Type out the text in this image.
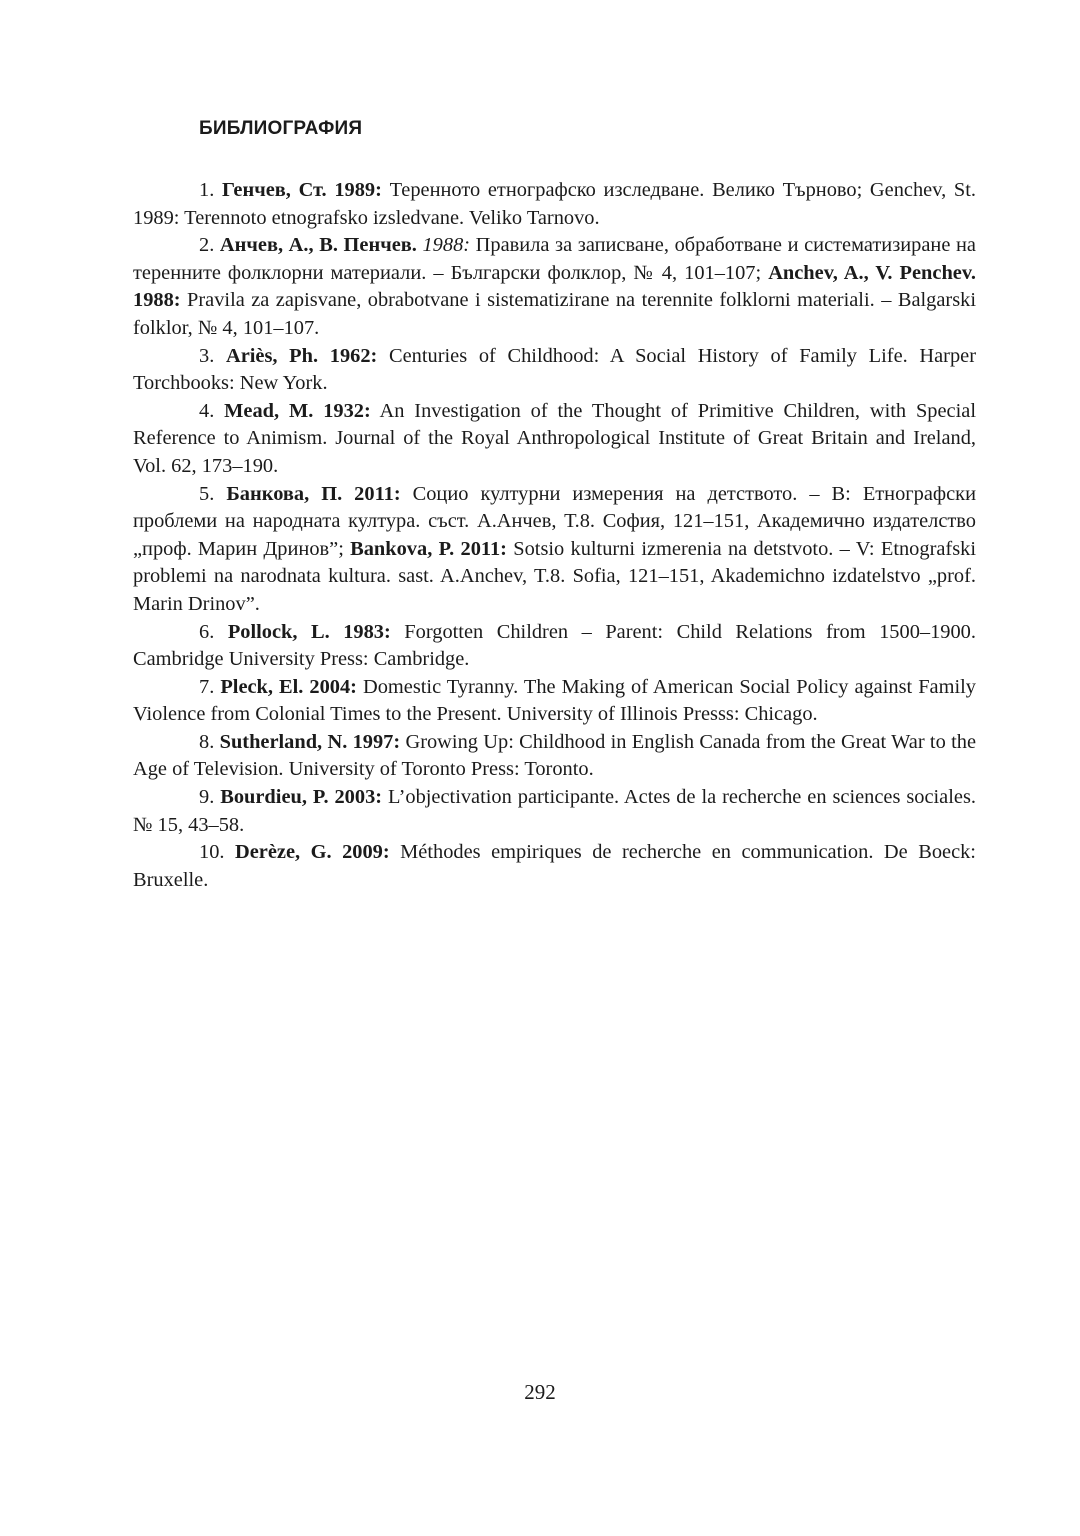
БИБЛИОГРАФИЯ
1. Генчев, Ст. 1989: Теренното етнографско изследване. Велико Търново; Genchev, St. 1989: Terennoto etnografsko izsledvane. Veliko Tarnovo.
2. Анчев, А., В. Пенчев. 1988: Правила за записване, обработване и систематизиране на теренните фолклорни материали. – Български фолклор, № 4, 101–107; Anchev, A., V. Penchev. 1988: Pravila za zapisvane, obrabotvane i sistematizirane na terennite folklorni materiali. – Balgarski folklor, № 4, 101–107.
3. Ariès, Ph. 1962: Centuries of Childhood: A Social History of Family Life. Harper Torchbooks: New York.
4. Mead, M. 1932: An Investigation of the Thought of Primitive Children, with Special Reference to Animism. Journal of the Royal Anthropological Institute of Great Britain and Ireland, Vol. 62, 173–190.
5. Банкова, П. 2011: Социо културни измерения на детството. – В: Етнографски проблеми на народната култура. съст. А.Анчев, Т.8. София, 121–151, Академично издателство „проф. Марин Дринов”; Bankova, P. 2011: Sotsio kulturni izmerenia na detstvoto. – V: Etnografski problemi na narodnata kultura. sast. A.Anchev, T.8. Sofia, 121–151, Akademichno izdatelstvo „prof. Marin Drinov”.
6. Pollock, L. 1983: Forgotten Children – Parent: Child Relations from 1500–1900. Cambridge University Press: Cambridge.
7. Pleck, El. 2004: Domestic Tyranny. The Making of American Social Policy against Family Violence from Colonial Times to the Present. University of Illinois Presss: Chicago.
8. Sutherland, N. 1997: Growing Up: Childhood in English Canada from the Great War to the Age of Television. University of Toronto Press: Toronto.
9. Bourdieu, P. 2003: L’objectivation participante. Actes de la recherche en sciences sociales. № 15, 43–58.
10. Derèze, G. 2009: Méthodes empiriques de recherche en communication. De Boeck: Bruxelle.
292
